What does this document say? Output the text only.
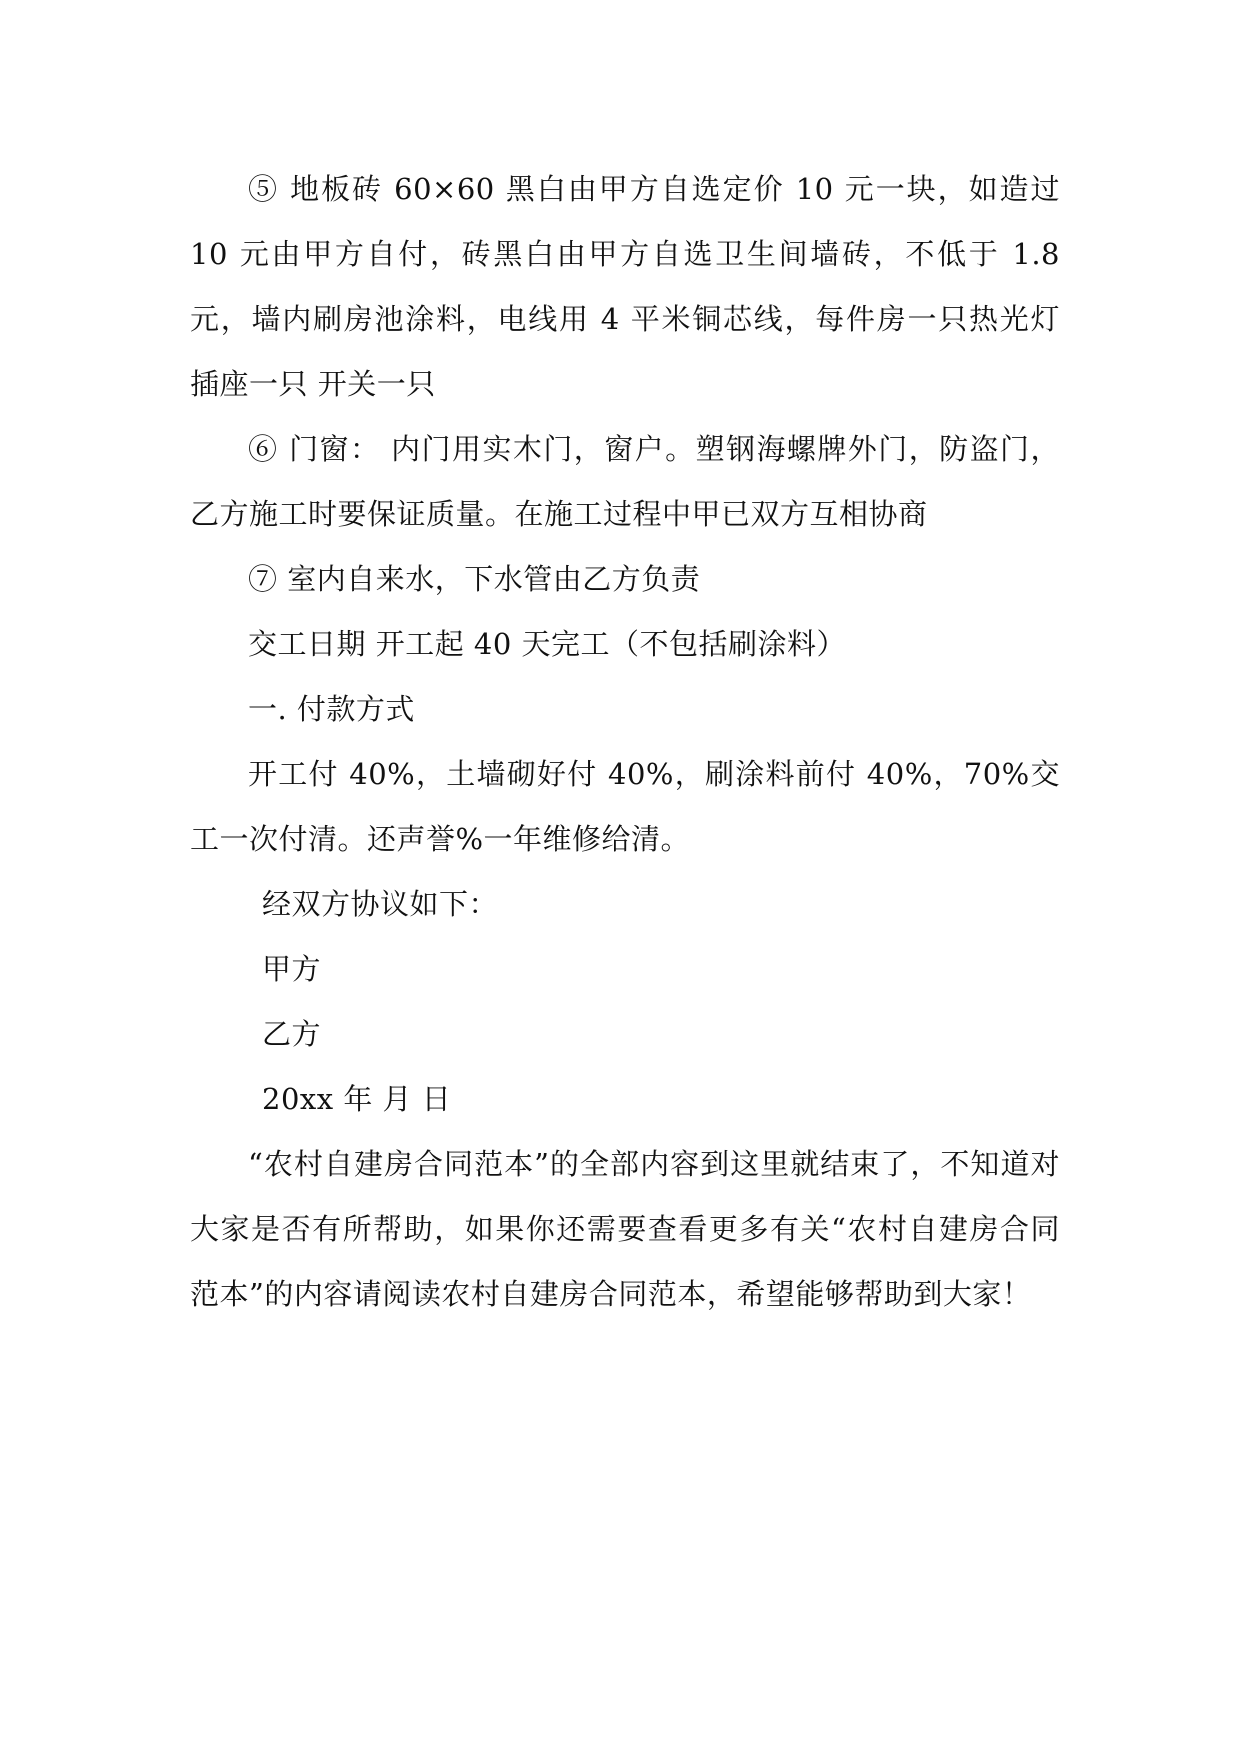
⑤ 地板砖 60×60 黑白由甲方自选定价 10 元一块，如造过 10 元由甲方自付，砖黑白由甲方自选卫生间墙砖，不低于 1.8 元，墙内刷房池涂料，电线用 4 平米铜芯线，每件房一只热光灯 插座一只 开关一只

⑥ 门窗： 内门用实木门，窗户。塑钢海螺牌外门，防盗门，乙方施工时要保证质量。在施工过程中甲已双方互相协商

⑦ 室内自来水，下水管由乙方负责

交工日期 开工起 40 天完工（不包括刷涂料）

一. 付款方式

开工付 40%，土墙砌好付 40%，刷涂料前付 40%，70%交工一次付清。还声誉%一年维修给清。

经双方协议如下：

甲方

乙方

20xx 年 月 日

“农村自建房合同范本”的全部内容到这里就结束了，不知道对大家是否有所帮助，如果你还需要查看更多有关“农村自建房合同范本”的内容请阅读农村自建房合同范本，希望能够帮助到大家！
